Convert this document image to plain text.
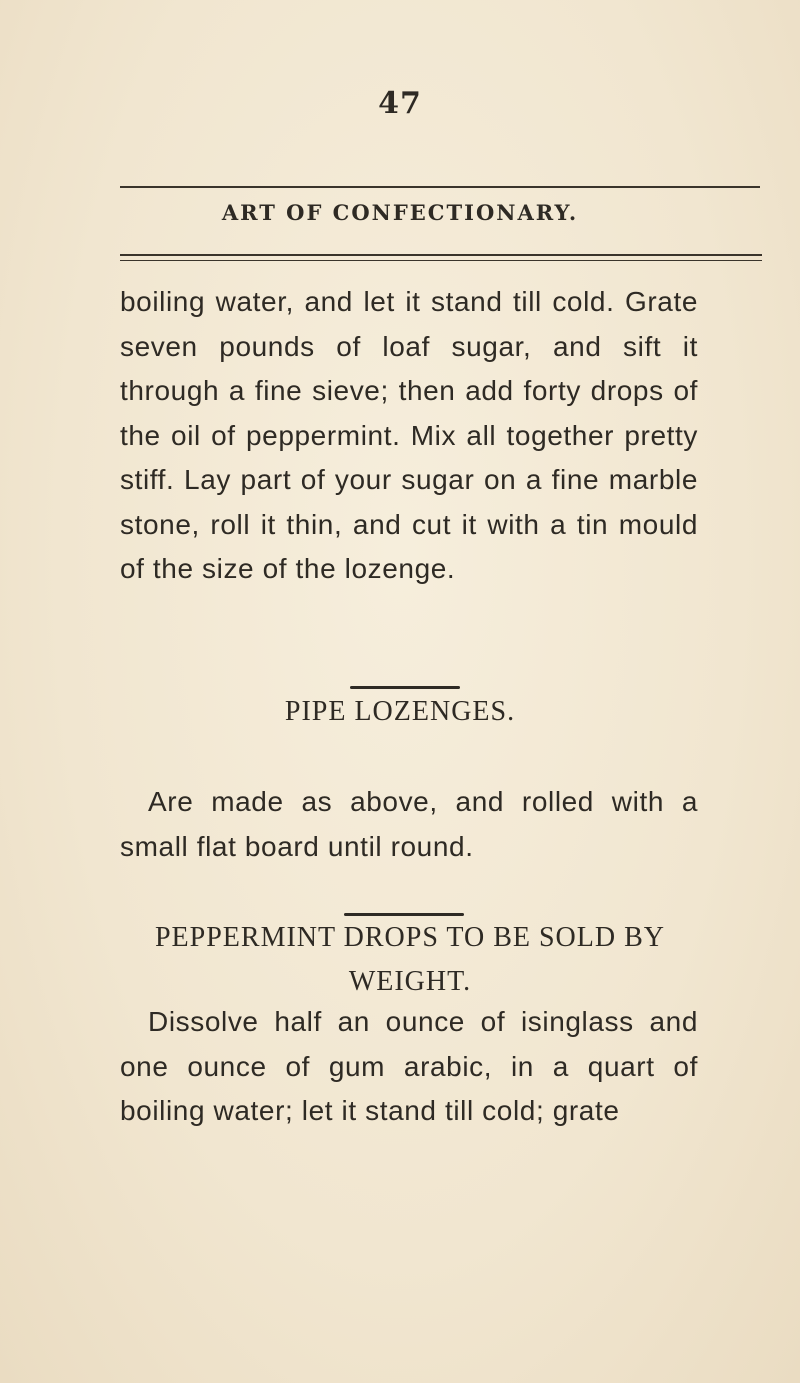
47
ART OF CONFECTIONARY.

boiling water, and let it stand till cold. Grate seven pounds of loaf sugar, and sift it through a fine sieve; then add forty drops of the oil of peppermint. Mix all together pretty stiff. Lay part of your sugar on a fine marble stone, roll it thin, and cut it with a tin mould of the size of the lozenge.

PIPE LOZENGES.

Are made as above, and rolled with a small flat board until round.

PEPPERMINT DROPS TO BE SOLD BY WEIGHT.

Dissolve half an ounce of isinglass and one ounce of gum arabic, in a quart of boiling water; let it stand till cold; grate
